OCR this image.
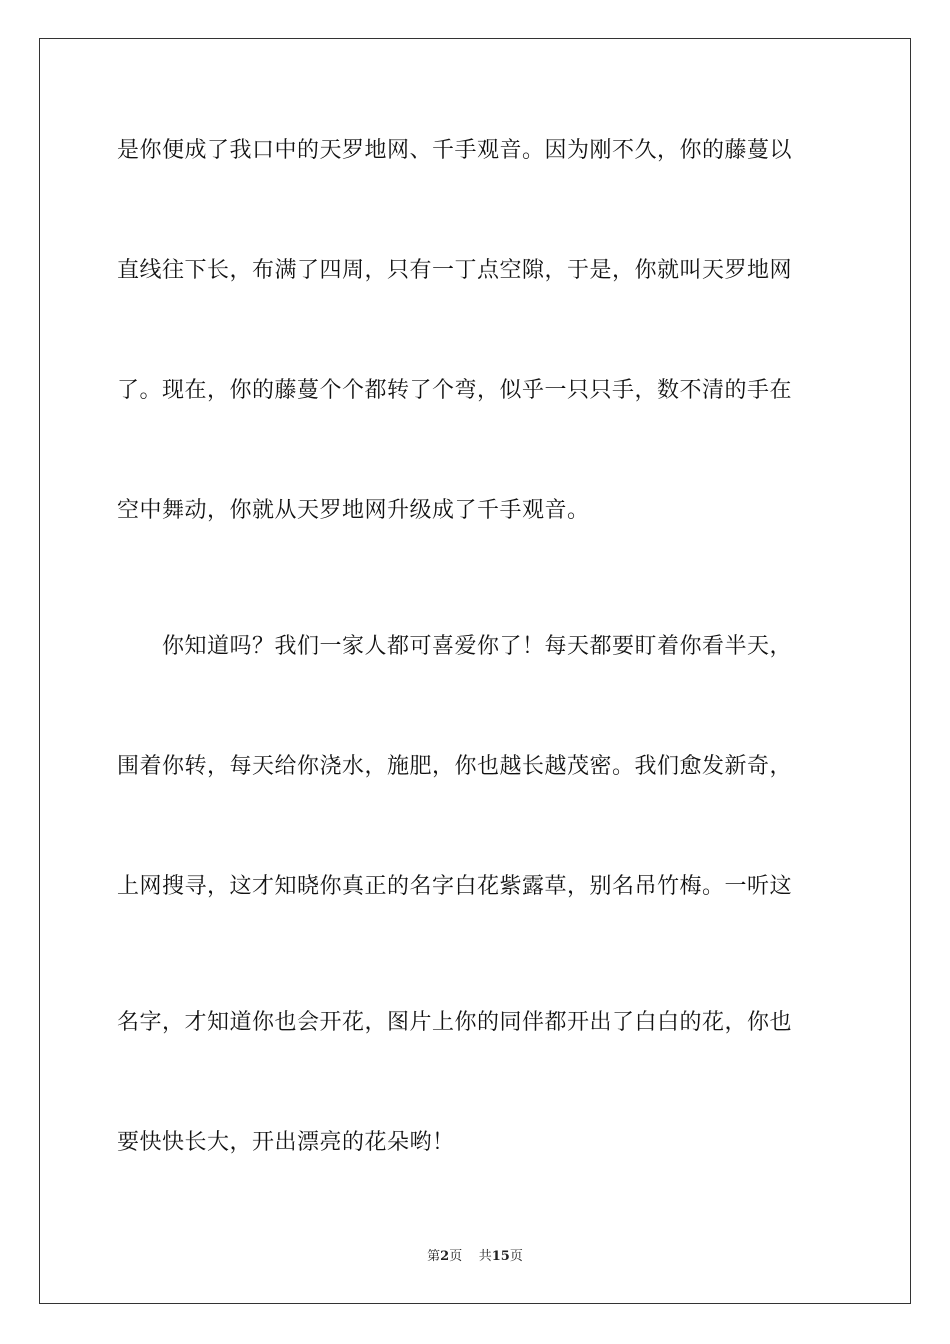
是你便成了我口中的天罗地网、千手观音。因为刚不久，你的藤蔓以
直线往下长，布满了四周，只有一丁点空隙，于是，你就叫天罗地网
了。现在，你的藤蔓个个都转了个弯，似乎一只只手，数不清的手在
空中舞动，你就从天罗地网升级成了千手观音。
　　你知道吗？我们一家人都可喜爱你了！每天都要盯着你看半天，
围着你转，每天给你浇水，施肥，你也越长越茂密。我们愈发新奇，
上网搜寻，这才知晓你真正的名字白花紫露草，别名吊竹梅。一听这
名字，才知道你也会开花，图片上你的同伴都开出了白白的花，你也
要快快长大，开出漂亮的花朵哟！
第2页 共15页
